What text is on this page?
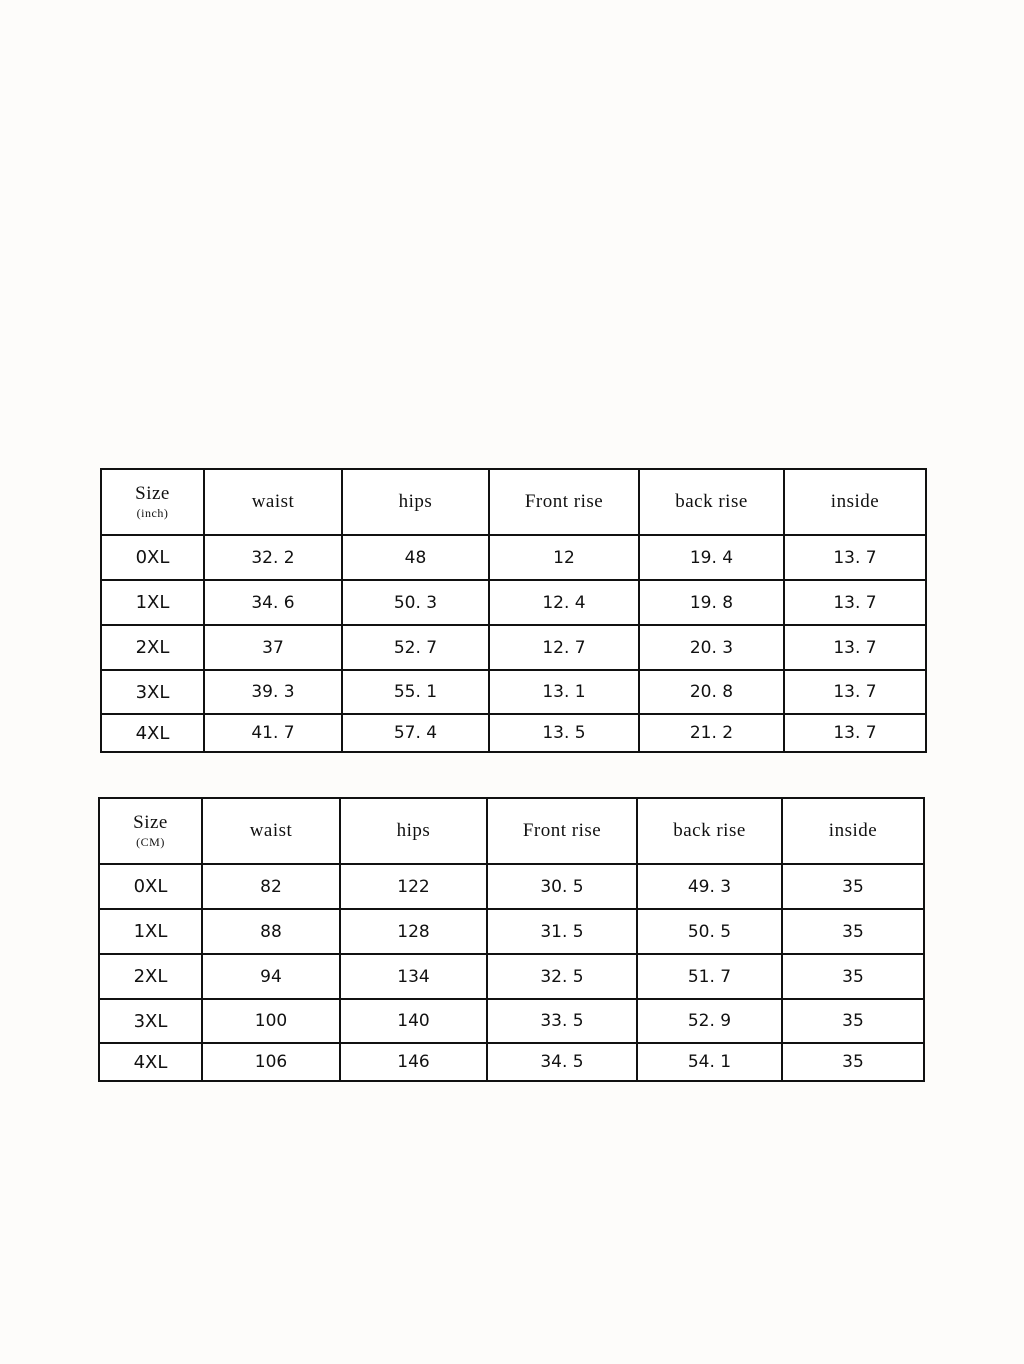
Size
(inch)	waist	hips	Front rise	back rise	inside
0XL	32. 2	48	12	19. 4	13. 7
1XL	34. 6	50. 3	12. 4	19. 8	13. 7
2XL	37	52. 7	12. 7	20. 3	13. 7
3XL	39. 3	55. 1	13. 1	20. 8	13. 7
4XL	41. 7	57. 4	13. 5	21. 2	13. 7
Size
(CM)	waist	hips	Front rise	back rise	inside
0XL	82	122	30. 5	49. 3	35
1XL	88	128	31. 5	50. 5	35
2XL	94	134	32. 5	51. 7	35
3XL	100	140	33. 5	52. 9	35
4XL	106	146	34. 5	54. 1	35
